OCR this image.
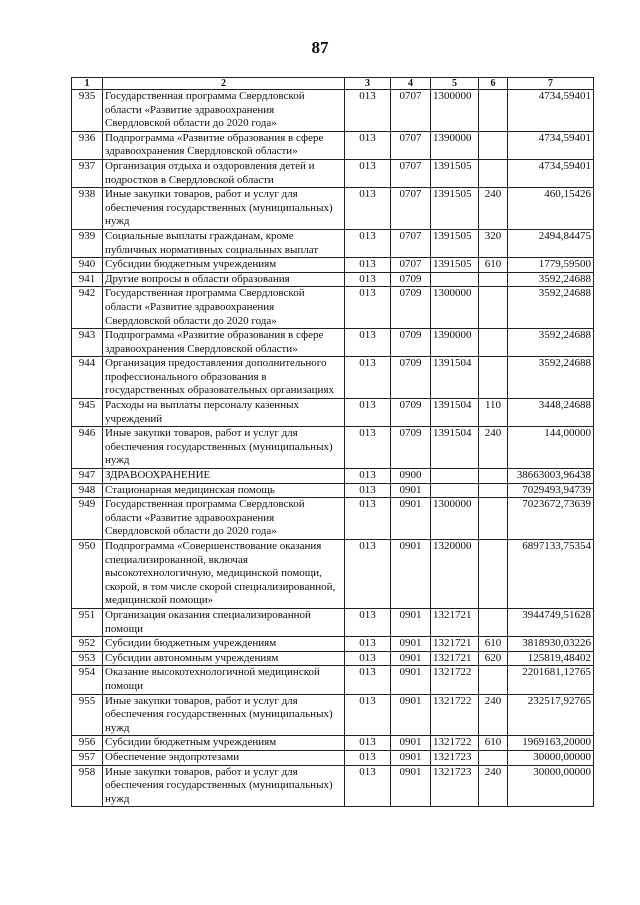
87
1	2	3	4	5	6	7
935	Государственная программа Свердловской области «Развитие здравоохранения Свердловской области до 2020 года»	013	0707	1300000		4734,59401
936	Подпрограмма «Развитие образования в сфере здравоохранения Свердловской области»	013	0707	1390000		4734,59401
937	Организация отдыха и оздоровления детей и подростков в Свердловской области	013	0707	1391505		4734,59401
938	Иные закупки товаров, работ и услуг для обеспечения государственных (муниципальных) нужд	013	0707	1391505	240	460,15426
939	Социальные выплаты гражданам, кроме публичных нормативных социальных выплат	013	0707	1391505	320	2494,84475
940	Субсидии бюджетным учреждениям	013	0707	1391505	610	1779,59500
941	Другие вопросы в области образования	013	0709			3592,24688
942	Государственная программа Свердловской области «Развитие здравоохранения Свердловской области до 2020 года»	013	0709	1300000		3592,24688
943	Подпрограмма «Развитие образования в сфере здравоохранения Свердловской области»	013	0709	1390000		3592,24688
944	Организация предоставления дополнительного профессионального образования в государственных образовательных организациях	013	0709	1391504		3592,24688
945	Расходы на выплаты персоналу казенных учреждений	013	0709	1391504	110	3448,24688
946	Иные закупки товаров, работ и услуг для обеспечения государственных (муниципальных) нужд	013	0709	1391504	240	144,00000
947	ЗДРАВООХРАНЕНИЕ	013	0900			38663003,96438
948	Стационарная медицинская помощь	013	0901			7029493,94739
949	Государственная программа Свердловской области «Развитие здравоохранения Свердловской области до 2020 года»	013	0901	1300000		7023672,73639
950	Подпрограмма «Совершенствование оказания специализированной, включая высокотехнологичную, медицинской помощи, скорой, в том числе скорой специализированной, медицинской помощи»	013	0901	1320000		6897133,75354
951	Организация оказания специализированной помощи	013	0901	1321721		3944749,51628
952	Субсидии бюджетным учреждениям	013	0901	1321721	610	3818930,03226
953	Субсидии автономным учреждениям	013	0901	1321721	620	125819,48402
954	Оказание высокотехнологичной медицинской помощи	013	0901	1321722		2201681,12765
955	Иные закупки товаров, работ и услуг для обеспечения государственных (муниципальных) нужд	013	0901	1321722	240	232517,92765
956	Субсидии бюджетным учреждениям	013	0901	1321722	610	1969163,20000
957	Обеспечение эндопротезами	013	0901	1321723		30000,00000
958	Иные закупки товаров, работ и услуг для обеспечения государственных (муниципальных) нужд	013	0901	1321723	240	30000,00000
